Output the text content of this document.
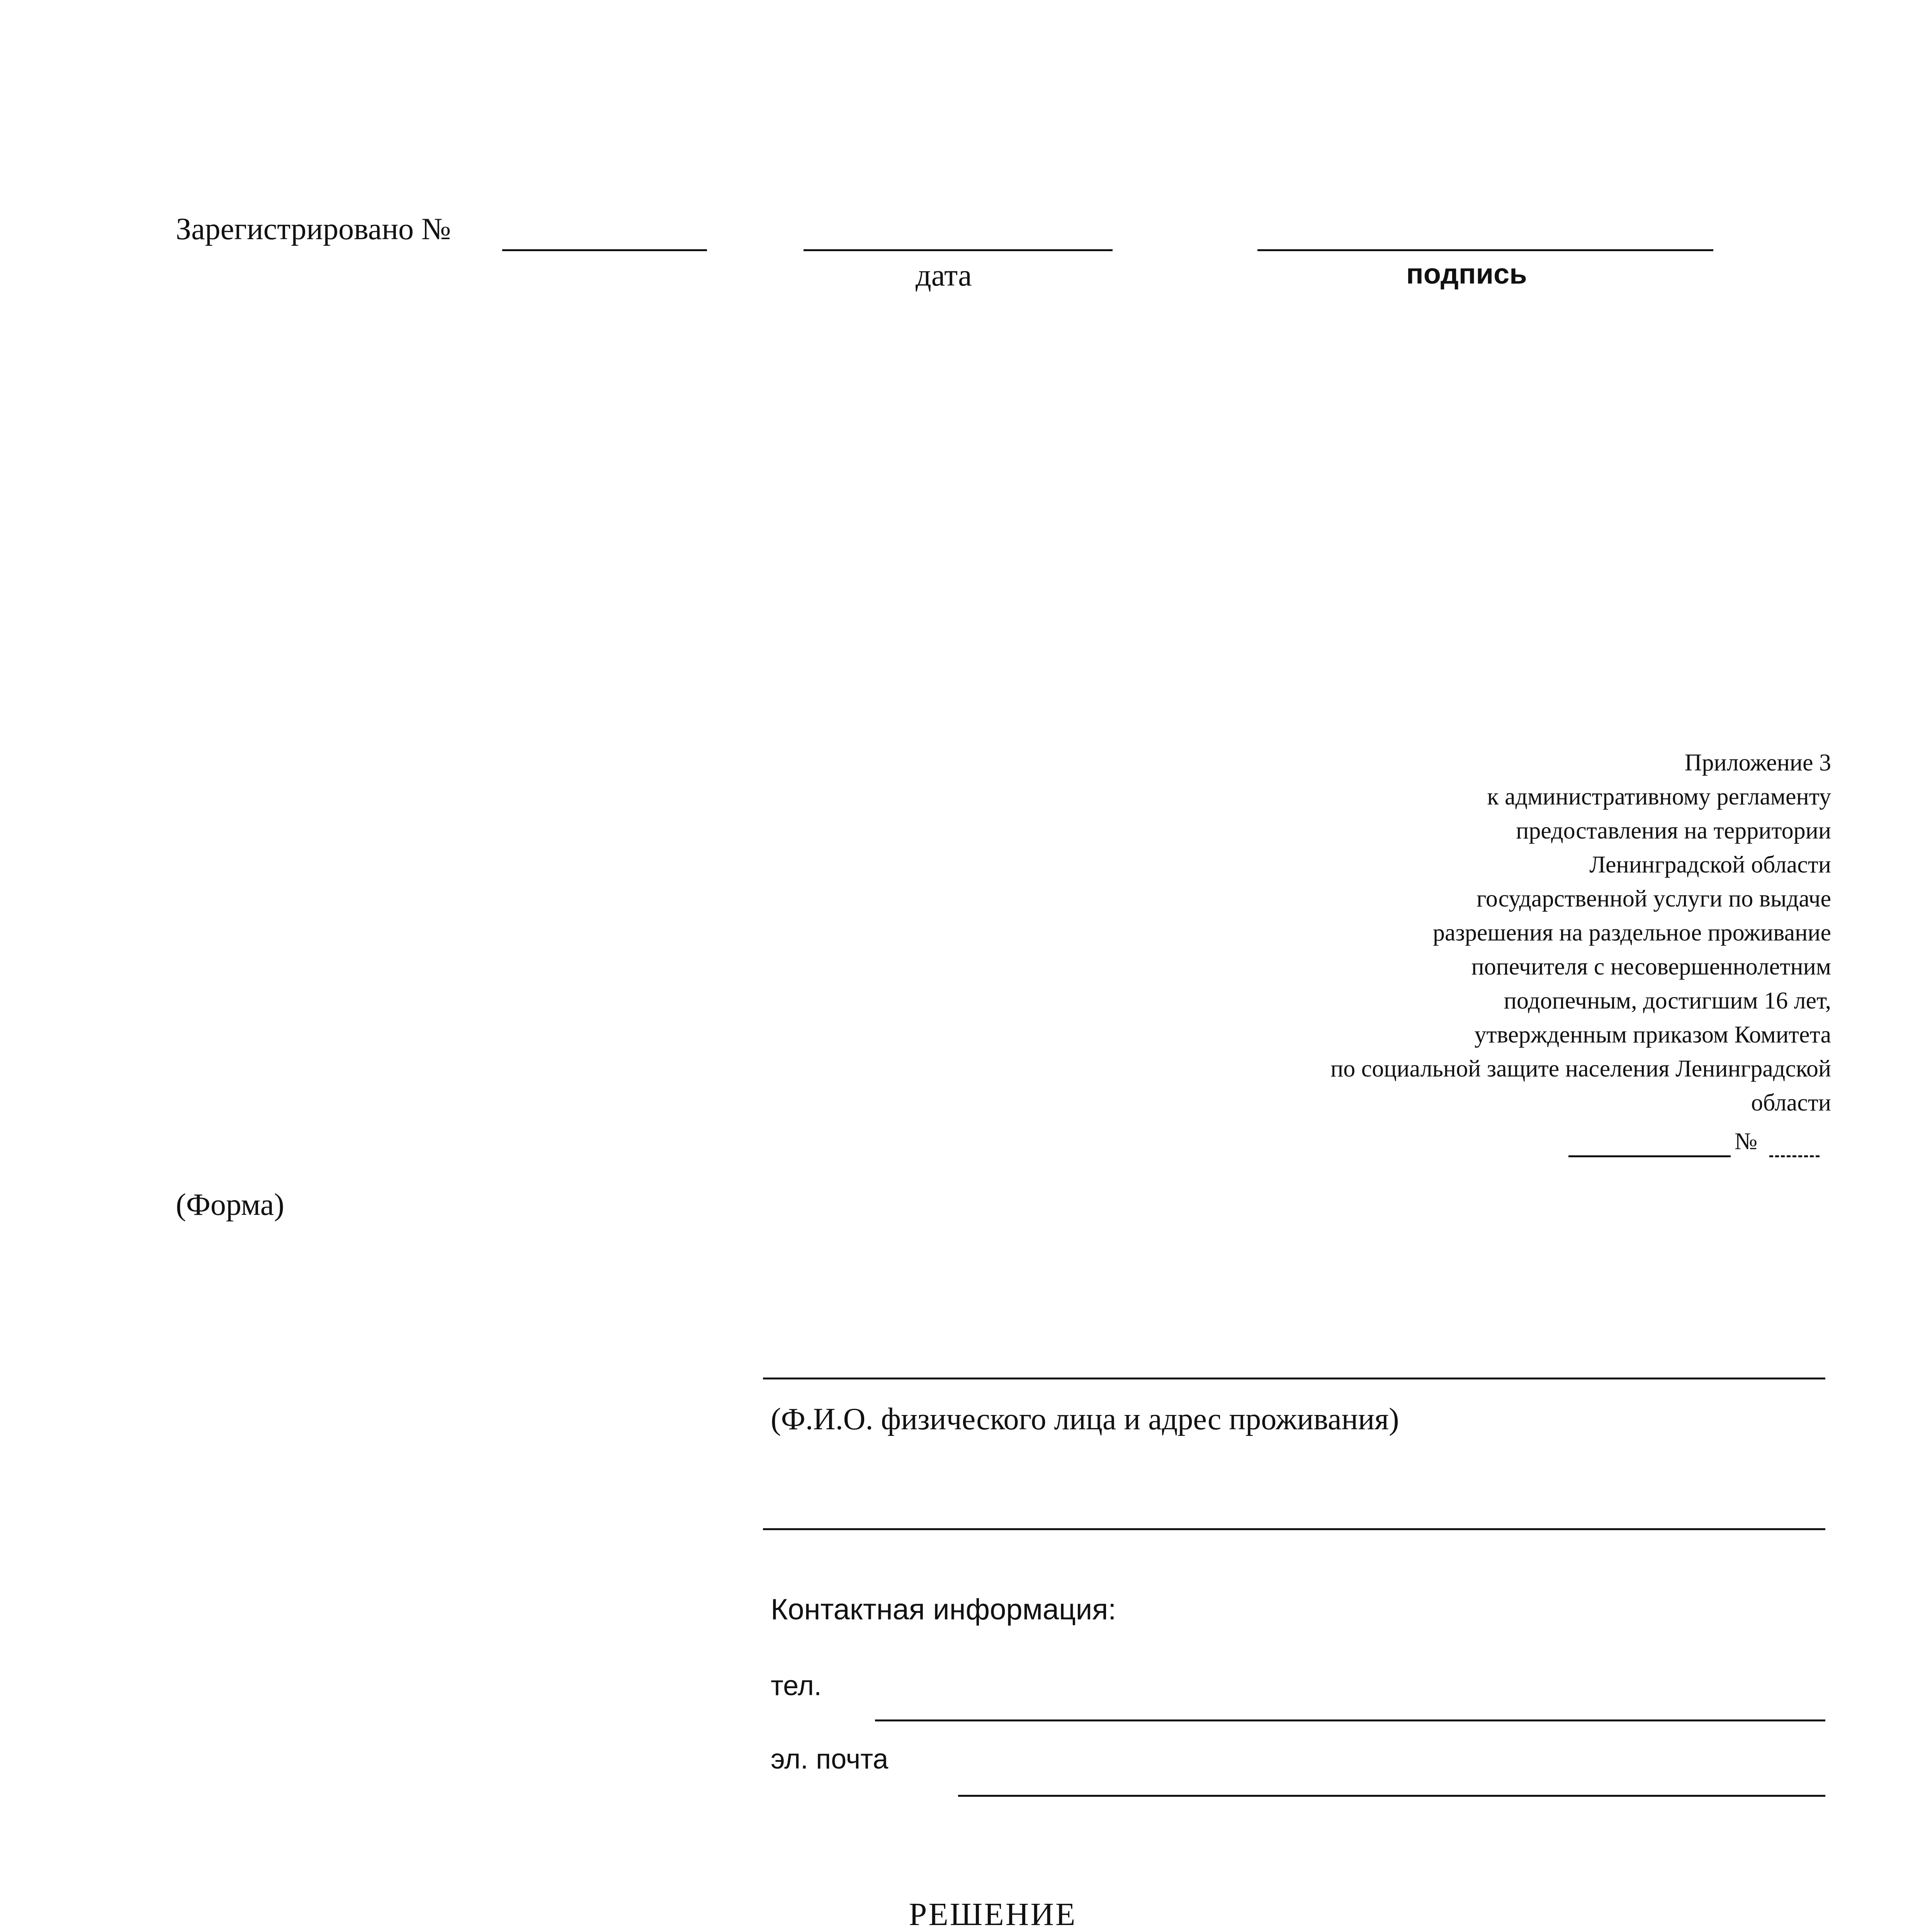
Зарегистрировано №
дата	подпись
Приложение 3
к административному регламенту
предоставления на территории
Ленинградской области
государственной услуги по выдаче
разрешения на раздельное проживание
попечителя с несовершеннолетним
подопечным, достигшим 16 лет,
утвержденным приказом Комитета
по социальной защите населения Ленинградской
области
№
(Форма)
(Ф.И.О. физического лица и адрес проживания)
Контактная информация:
тел.
эл. почта
РЕШЕНИЕ
